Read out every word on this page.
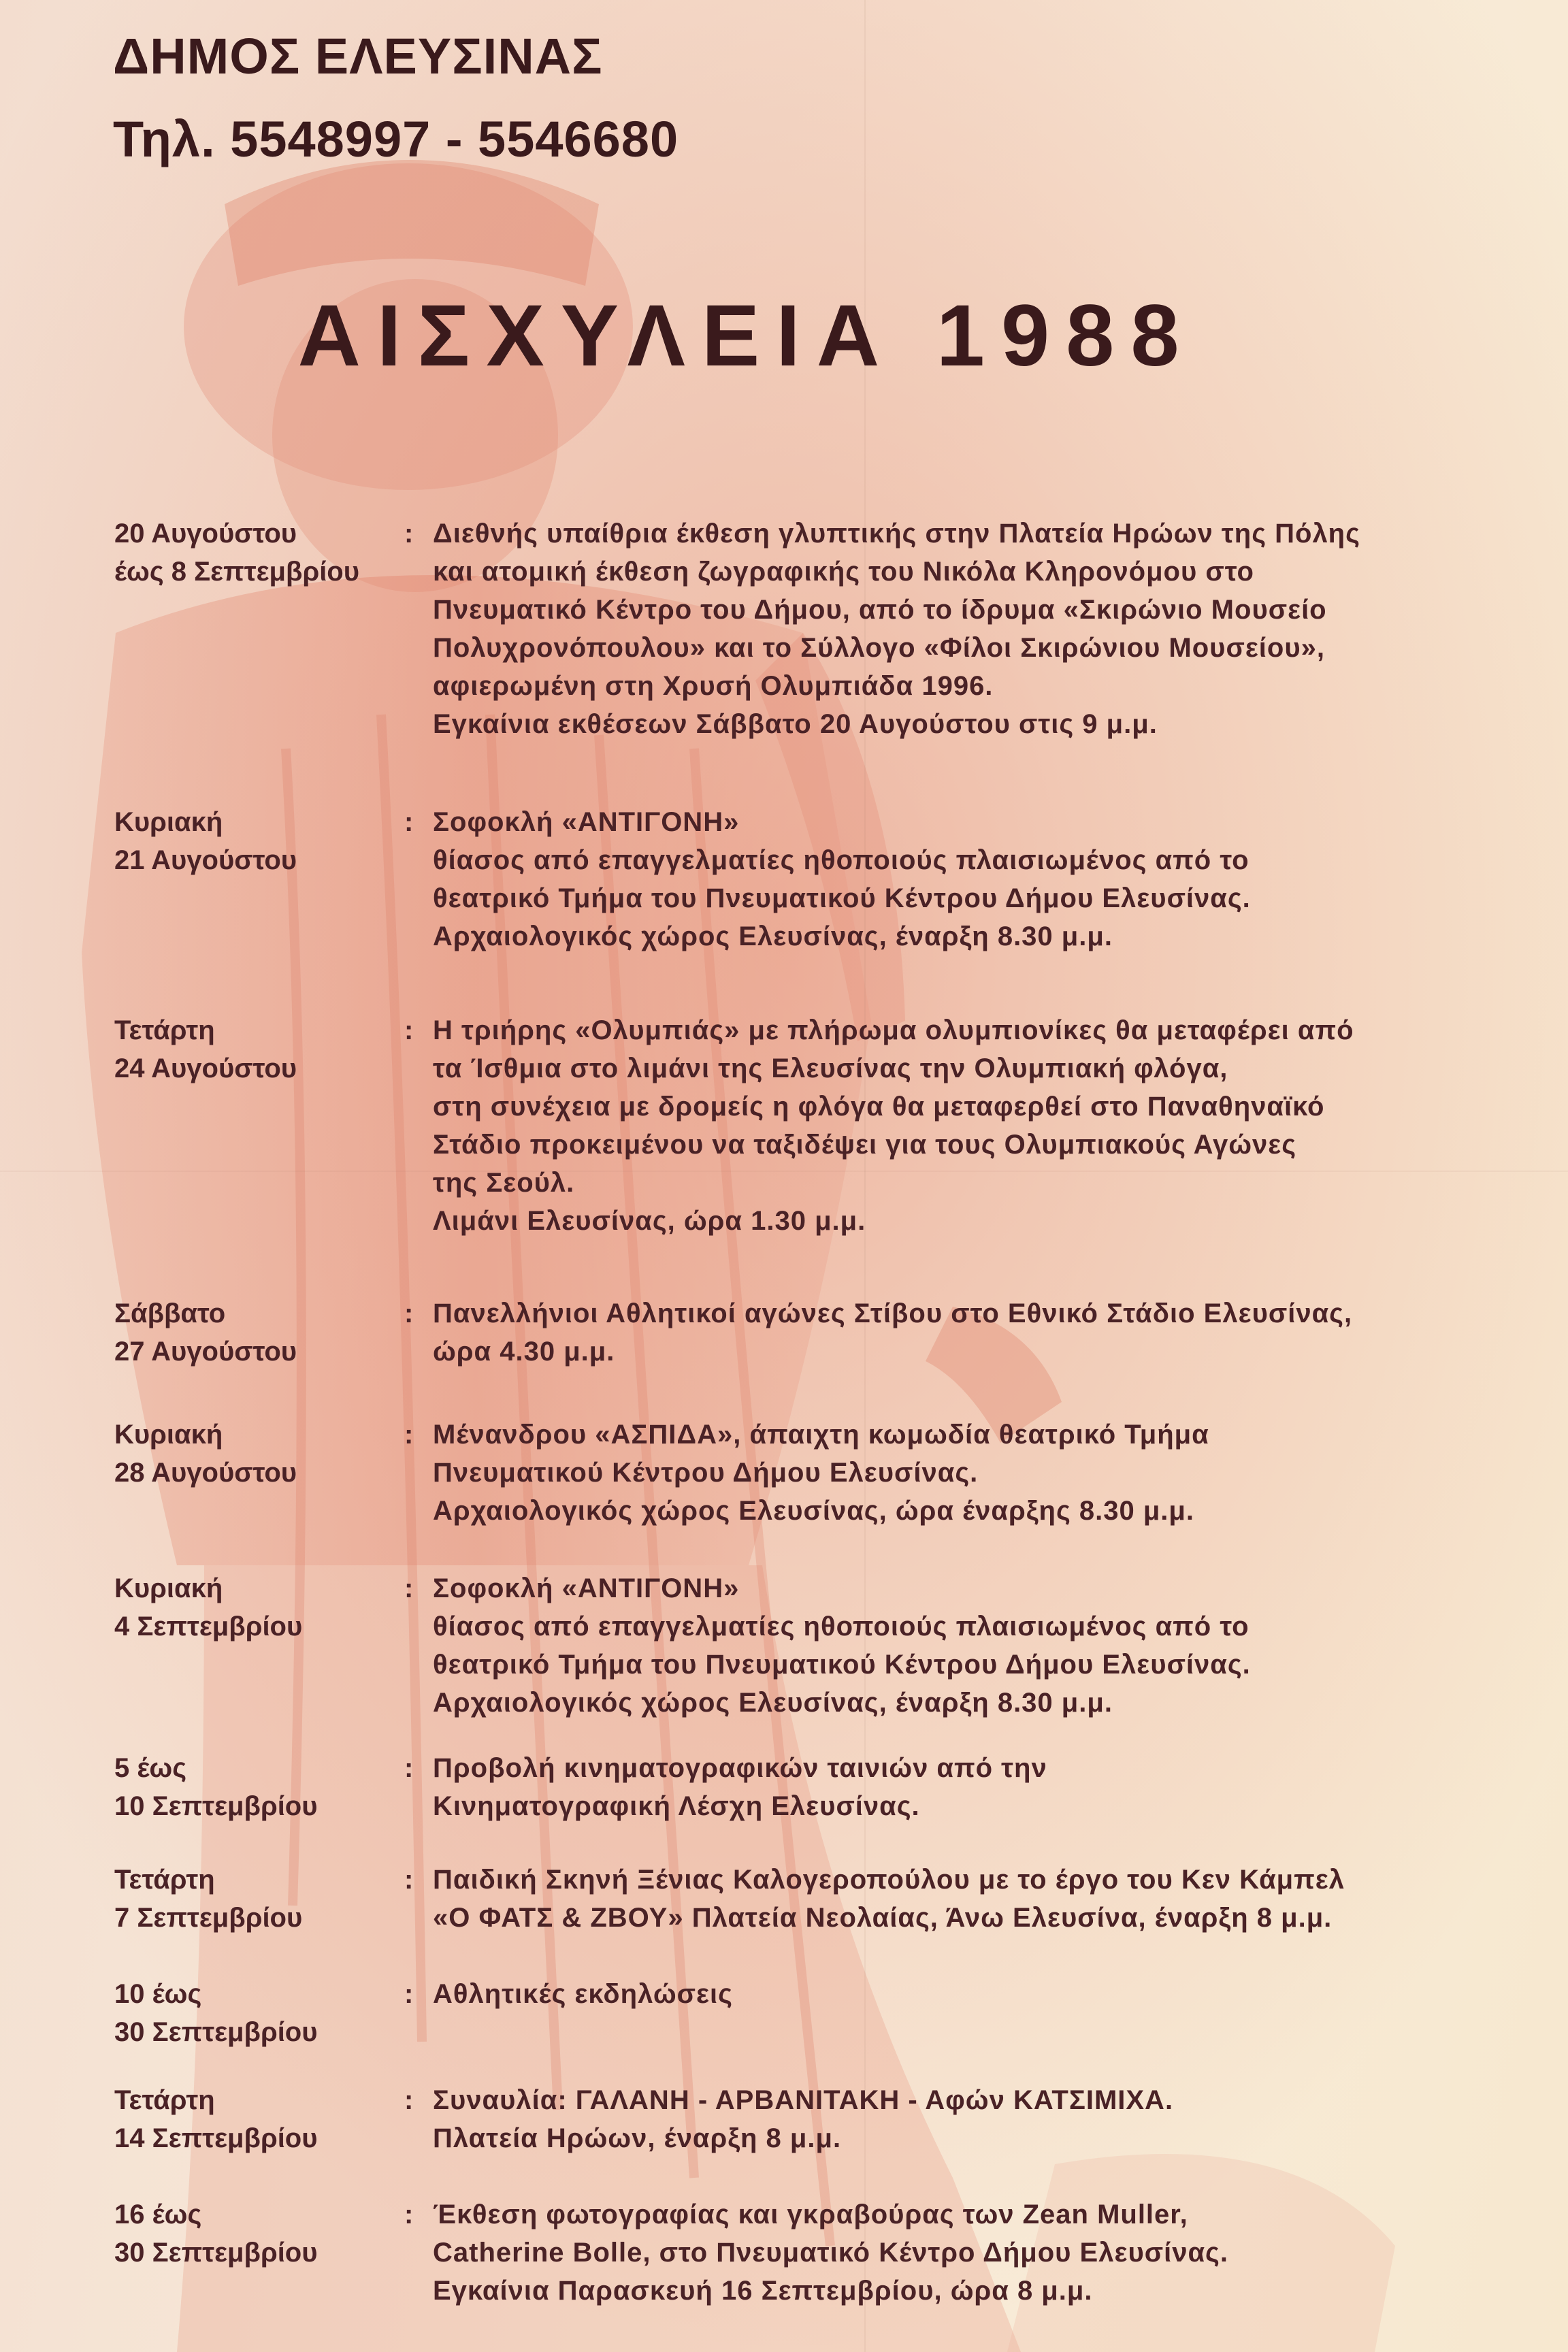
ΔΗΜΟΣ ΕΛΕΥΣΙΝΑΣ
Τηλ. 5548997 - 5546680
ΑΙΣΧΥΛΕΙΑ 1988
20 Αυγούστου
έως 8 Σεπτεμβρίου
: Διεθνής υπαίθρια έκθεση γλυπτικής στην Πλατεία Ηρώων της Πόλης
και ατομική έκθεση ζωγραφικής του Νικόλα Κληρονόμου στο
Πνευματικό Κέντρο του Δήμου, από το ίδρυμα «Σκιρώνιο Μουσείο
Πολυχρονόπουλου» και το Σύλλογο «Φίλοι Σκιρώνιου Μουσείου»,
αφιερωμένη στη Χρυσή Ολυμπιάδα 1996.
Εγκαίνια εκθέσεων Σάββατο 20 Αυγούστου στις 9 μ.μ.
Κυριακή
21 Αυγούστου
: Σοφοκλή «ΑΝΤΙΓΟΝΗ»
θίασος από επαγγελματίες ηθοποιούς πλαισιωμένος από το
θεατρικό Τμήμα του Πνευματικού Κέντρου Δήμου Ελευσίνας.
Αρχαιολογικός χώρος Ελευσίνας, έναρξη 8.30 μ.μ.
Τετάρτη
24 Αυγούστου
: Η τριήρης «Ολυμπιάς» με πλήρωμα ολυμπιονίκες θα μεταφέρει από
τα Ίσθμια στο λιμάνι της Ελευσίνας την Ολυμπιακή φλόγα,
στη συνέχεια με δρομείς η φλόγα θα μεταφερθεί στο Παναθηναϊκό
Στάδιο προκειμένου να ταξιδέψει για τους Ολυμπιακούς Αγώνες
της Σεούλ.
Λιμάνι Ελευσίνας, ώρα 1.30 μ.μ.
Σάββατο
27 Αυγούστου
: Πανελλήνιοι Αθλητικοί αγώνες Στίβου στο Εθνικό Στάδιο Ελευσίνας,
ώρα 4.30 μ.μ.
Κυριακή
28 Αυγούστου
: Μένανδρου «ΑΣΠΙΔΑ», άπαιχτη κωμωδία θεατρικό Τμήμα
Πνευματικού Κέντρου Δήμου Ελευσίνας.
Αρχαιολογικός χώρος Ελευσίνας, ώρα έναρξης 8.30 μ.μ.
Κυριακή
4 Σεπτεμβρίου
: Σοφοκλή «ΑΝΤΙΓΟΝΗ»
θίασος από επαγγελματίες ηθοποιούς πλαισιωμένος από το
θεατρικό Τμήμα του Πνευματικού Κέντρου Δήμου Ελευσίνας.
Αρχαιολογικός χώρος Ελευσίνας, έναρξη 8.30 μ.μ.
5 έως
10 Σεπτεμβρίου
: Προβολή κινηματογραφικών ταινιών από την
Κινηματογραφική Λέσχη Ελευσίνας.
Τετάρτη
7 Σεπτεμβρίου
: Παιδική Σκηνή Ξένιας Καλογεροπούλου με το έργο του Κεν Κάμπελ
«Ο ΦΑΤΣ & ΖΒΟΥ» Πλατεία Νεολαίας, Άνω Ελευσίνα, έναρξη 8 μ.μ.
10 έως
30 Σεπτεμβρίου
: Αθλητικές εκδηλώσεις
Τετάρτη
14 Σεπτεμβρίου
: Συναυλία: ΓΑΛΑΝΗ - ΑΡΒΑΝΙΤΑΚΗ - Αφών ΚΑΤΣΙΜΙΧΑ.
Πλατεία Ηρώων, έναρξη 8 μ.μ.
16 έως
30 Σεπτεμβρίου
: Έκθεση φωτογραφίας και γκραβούρας των Zean Muller,
Catherine Bolle, στο Πνευματικό Κέντρο Δήμου Ελευσίνας.
Εγκαίνια Παρασκευή 16 Σεπτεμβρίου, ώρα 8 μ.μ.
